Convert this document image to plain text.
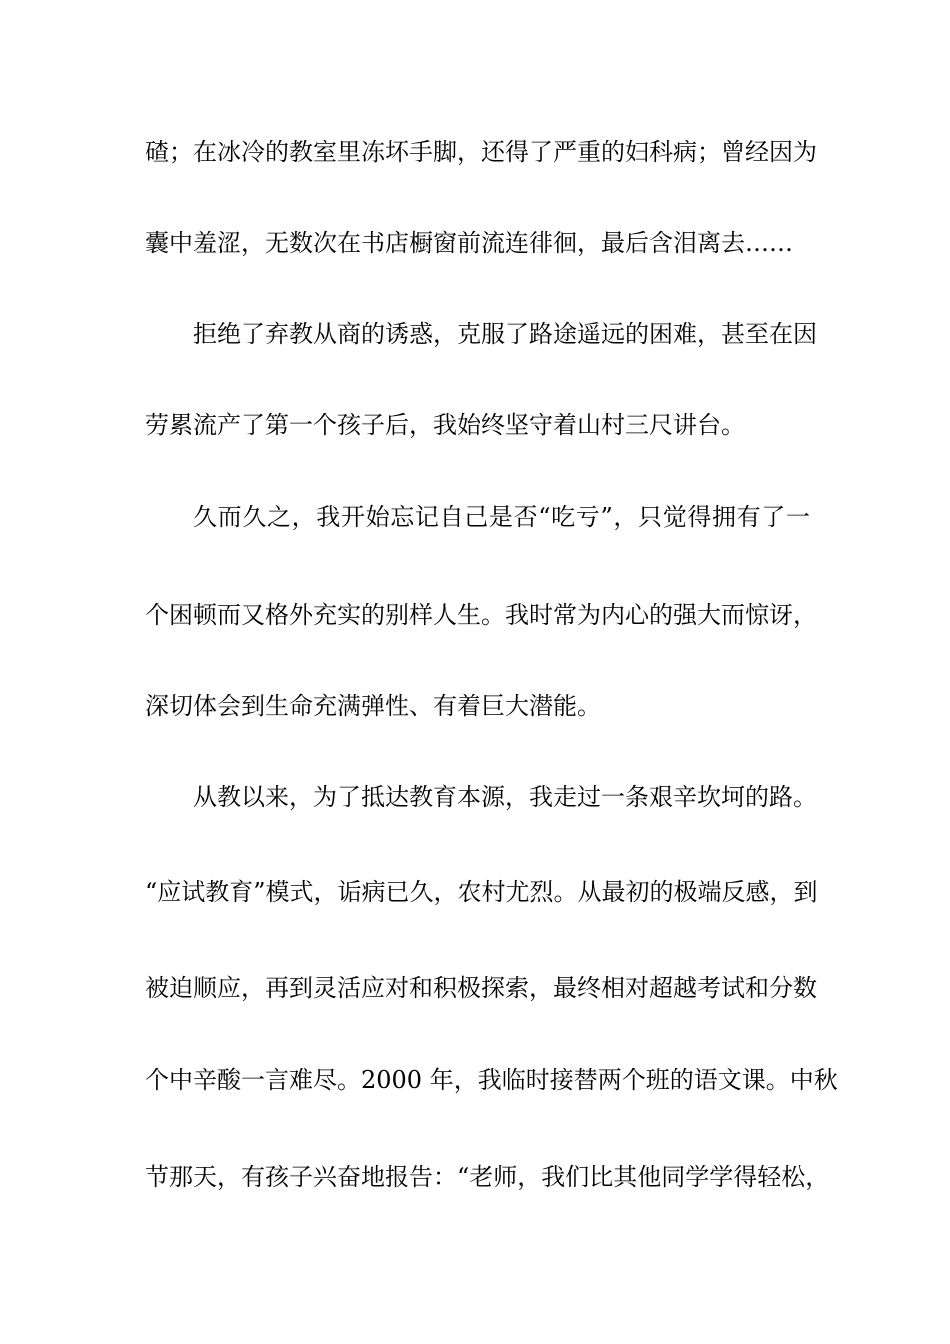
碴；在冰冷的教室里冻坏手脚，还得了严重的妇科病；曾经因为
囊中羞涩，无数次在书店橱窗前流连徘徊，最后含泪离去……
拒绝了弃教从商的诱惑，克服了路途遥远的困难，甚至在因
劳累流产了第一个孩子后，我始终坚守着山村三尺讲台。
久而久之，我开始忘记自己是否“吃亏”，只觉得拥有了一
个困顿而又格外充实的别样人生。我时常为内心的强大而惊讶，
深切体会到生命充满弹性、有着巨大潜能。
从教以来，为了抵达教育本源，我走过一条艰辛坎坷的路。
“应试教育”模式，诟病已久，农村尤烈。从最初的极端反感，到
被迫顺应，再到灵活应对和积极探索，最终相对超越考试和分数
个中辛酸一言难尽。2000 年，我临时接替两个班的语文课。中秋
节那天，有孩子兴奋地报告：“老师，我们比其他同学学得轻松，
